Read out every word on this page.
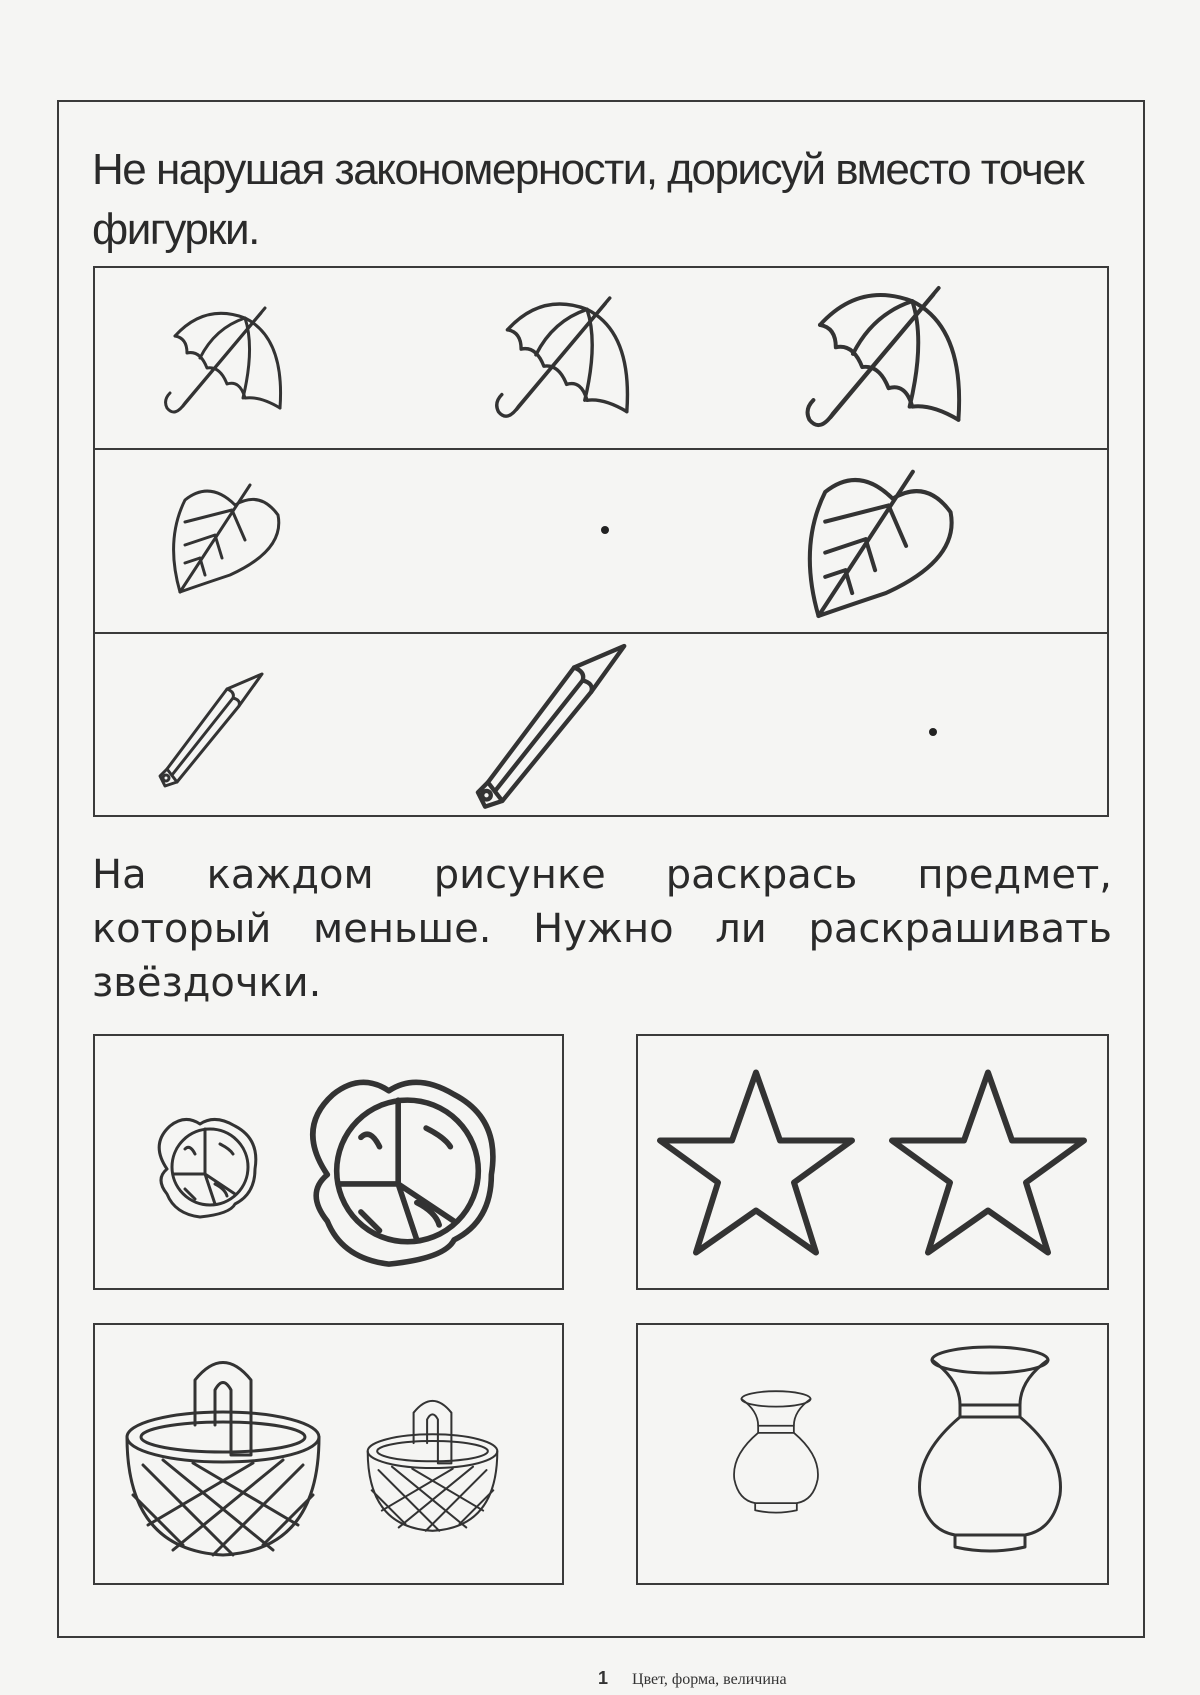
Не нарушая закономерности, дорисуй вместо точек фигурки.
На каждом рисунке раскрась предмет, который меньше. Нужно ли раскрашивать звёздочки.
1 Цвет, форма, величина
